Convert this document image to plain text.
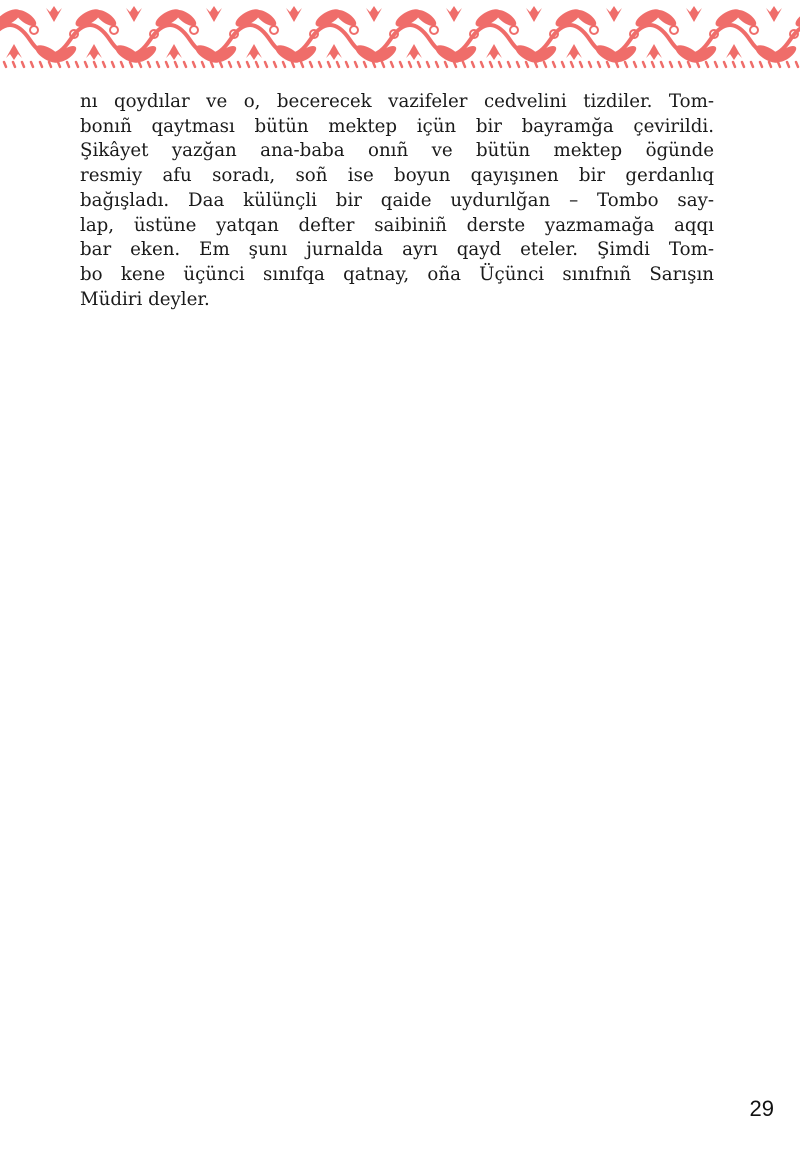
nı qoydılar ve o, becerecek vazifeler cedvelini tizdiler. Tom-
bonıñ qaytması bütün mektep içün bir bayramğa çevirildi.
Şikâyet yazğan ana-baba onıñ ve bütün mektep ögünde
resmiy afu soradı, soñ ise boyun qayışınen bir gerdanlıq
bağışladı. Daa külünçli bir qaide uydurılğan – Tombo say-
lap, üstüne yatqan defter saibiniñ derste yazmamağa aqqı
bar eken. Em şunı jurnalda ayrı qayd eteler. Şimdi Tom-
bo kene üçünci sınıfqa qatnay, oña Üçünci sınıfnıñ Sarışın
Müdiri deyler.
29
